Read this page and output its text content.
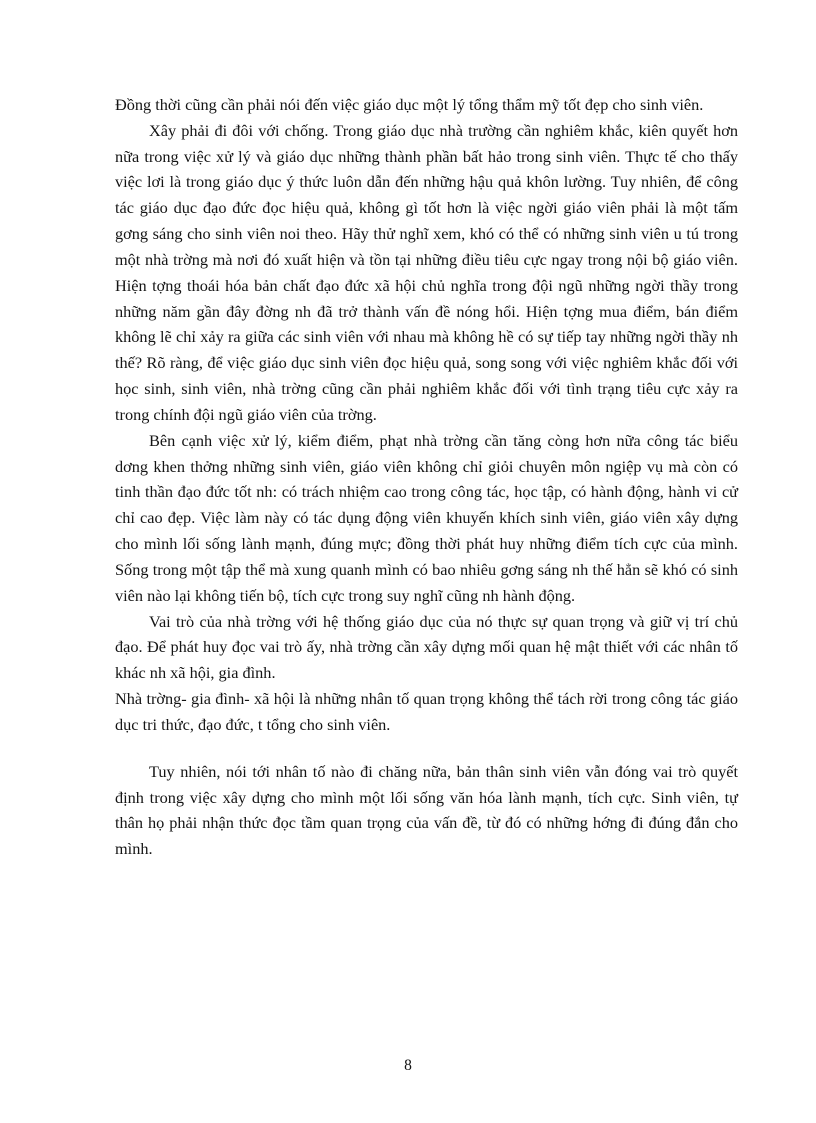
Đồng thời cũng cần phải nói đến việc giáo dục một lý tổng thẩm mỹ tốt đẹp cho sinh viên.

Xây phải đi đôi với chống. Trong giáo dục nhà trường cần nghiêm khắc, kiên quyết hơn nữa trong việc xử lý và giáo dục những thành phần bất hảo trong sinh viên. Thực tế cho thấy việc lơi là trong giáo dục ý thức luôn dẫn đến những hậu quả khôn lường. Tuy nhiên, để công tác giáo dục đạo đức đọc hiệu quả, không gì tốt hơn là việc ngời giáo viên phải là một tấm gơng sáng cho sinh viên noi theo. Hãy thử nghĩ xem, khó có thể có những sinh viên u tú trong một nhà trờng mà nơi đó xuất hiện và tồn tại những điều tiêu cực ngay trong nội bộ giáo viên. Hiện tợng thoái hóa bản chất đạo đức xã hội chủ nghĩa trong đội ngũ những ngời thầy trong những năm gần đây đờng nh đã trở thành vấn đề nóng hổi. Hiện tợng mua điểm, bán điểm không lẽ chỉ xảy ra giữa các sinh viên với nhau mà không hề có sự tiếp tay những ngời thầy nh thế? Rõ ràng, để việc giáo dục sinh viên đọc hiệu quả, song song với việc nghiêm khắc đối với học sinh, sinh viên, nhà trờng cũng cần phải nghiêm khắc đối với tình trạng tiêu cực xảy ra trong chính đội ngũ giáo viên của trờng.

Bên cạnh việc xử lý, kiểm điểm, phạt nhà trờng cần tăng còng hơn nữa công tác biểu dơng khen thởng những sinh viên, giáo viên không chỉ giỏi chuyên môn ngiệp vụ mà còn có tinh thần đạo đức tốt nh: có trách nhiệm cao trong công tác, học tập, có hành động, hành vi cử chỉ cao đẹp. Việc làm này có tác dụng động viên khuyến khích sinh viên, giáo viên xây dựng cho mình lối sống lành mạnh, đúng mực; đồng thời phát huy những điểm tích cực của mình. Sống trong một tập thể mà xung quanh mình có bao nhiêu gơng sáng nh thế hẳn sẽ khó có sinh viên nào lại không tiến bộ, tích cực trong suy nghĩ cũng nh hành động.

Vai trò của nhà trờng với hệ thống giáo dục của nó thực sự quan trọng và giữ vị trí chủ đạo. Để phát huy đọc vai trò ấy, nhà trờng cần xây dựng mối quan hệ mật thiết với các nhân tố khác nh xã hội, gia đình.

Nhà trờng- gia đình- xã hội là những nhân tố quan trọng không thể tách rời trong công tác giáo dục tri thức, đạo đức, t tổng cho sinh viên.

Tuy nhiên, nói tới nhân tố nào đi chăng nữa, bản thân sinh viên vẫn đóng vai trò quyết định trong việc xây dựng cho mình một lối sống văn hóa lành mạnh, tích cực. Sinh viên, tự thân họ phải nhận thức đọc tầm quan trọng của vấn đề, từ đó có những hớng đi đúng đắn cho mình.

8
